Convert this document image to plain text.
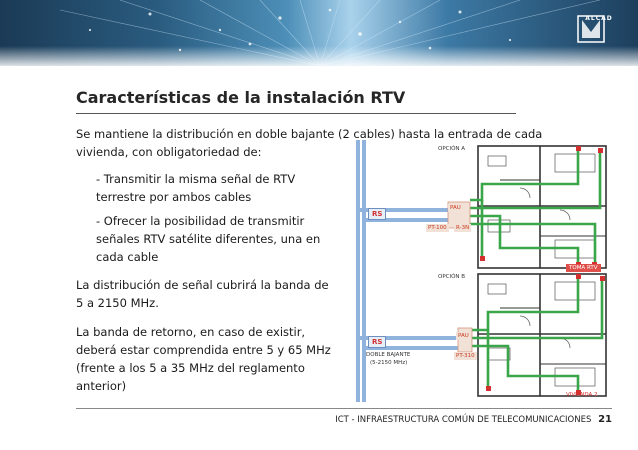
ALCAD
Características de la instalación RTV
Se mantiene la distribución en doble bajante (2 cables) hasta la entrada de cada vivienda, con obligatoriedad de:
- Transmitir la misma señal de RTV terrestre por ambos cables
- Ofrecer la posibilidad de transmitir señales RTV satélite diferentes, una en cada cable
La distribución de señal cubrirá la banda de 5 a 2150 MHz.
La banda de retorno, en caso de existir, deberá estar comprendida entre 5 y 65 MHz (frente a los 5 a 35 MHz del reglamento anterior)
OPCIÓN A
OPCIÓN B
RS
RS
PAU
PT-100	R-3N
PAU
PT-310
DOBLE BAJANTE
(5-2150 MHz)
TOMA RTV
VIVIENDA 2
ICT - INFRAESTRUCTURA COMÚN DE TELECOMUNICACIONES 21
